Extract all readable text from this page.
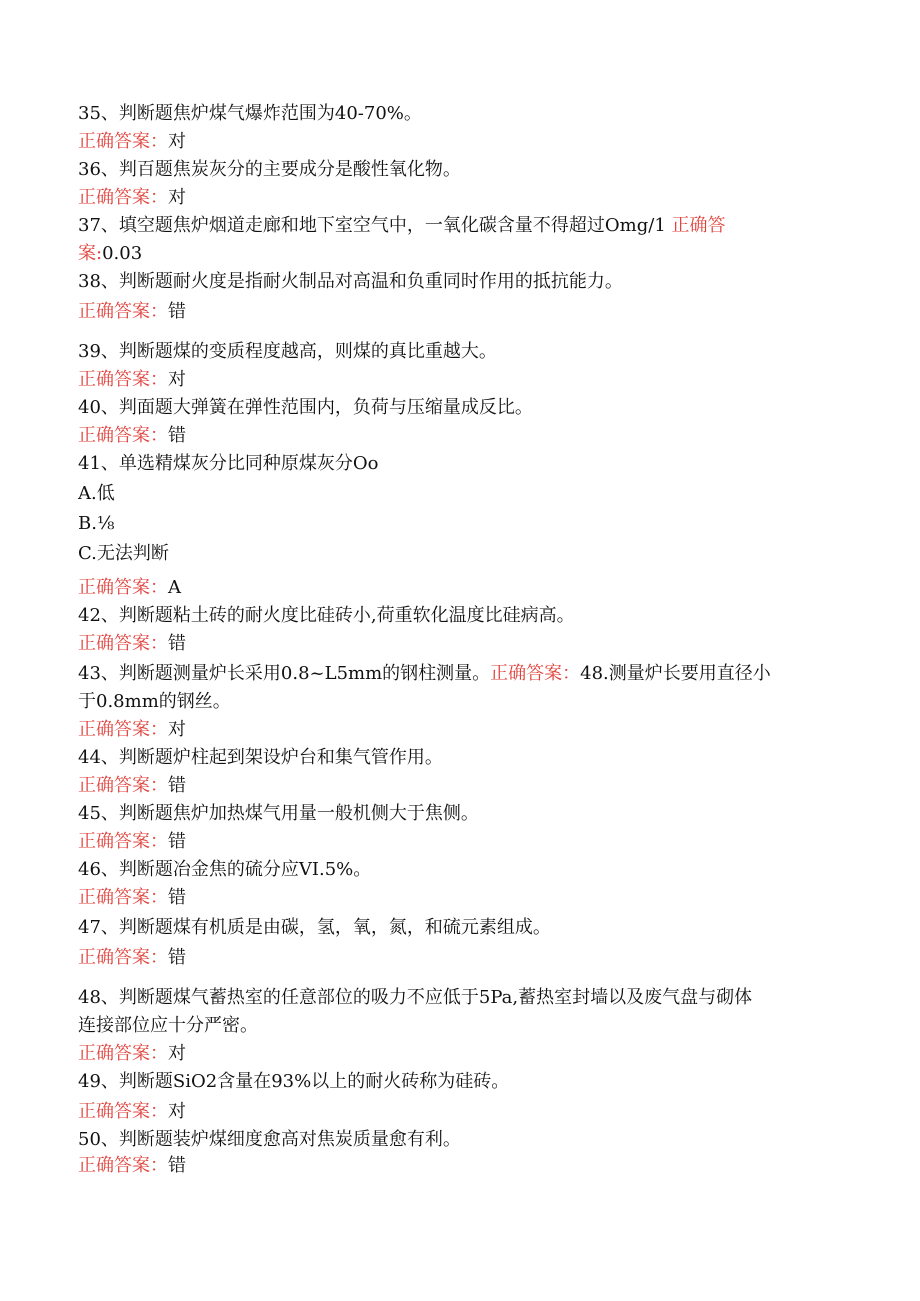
35、判断题焦炉煤气爆炸范围为40-70%。
正确答案：对
36、判百题焦炭灰分的主要成分是酸性氧化物。
正确答案：对
37、填空题焦炉烟道走廊和地下室空气中，一氧化碳含量不得超过Omg/1 正确答
案:0.03
38、判断题耐火度是指耐火制品对高温和负重同时作用的抵抗能力。
正确答案：错
39、判断题煤的变质程度越高，则煤的真比重越大。
正确答案：对
40、判面题大弹簧在弹性范围内，负荷与压缩量成反比。
正确答案：错
41、单选精煤灰分比同种原煤灰分Oo
A.低
B.⅛
C.无法判断
正确答案：A
42、判断题粘土砖的耐火度比硅砖小,荷重软化温度比硅病高。
正确答案：错
43、判断题测量炉长采用0.8~L5mm的钢柱测量。正确答案：48.测量炉长要用直径小
于0.8mm的钢丝。
正确答案：对
44、判断题炉柱起到架设炉台和集气管作用。
正确答案：错
45、判断题焦炉加热煤气用量一般机侧大于焦侧。
正确答案：错
46、判断题冶金焦的硫分应VI.5%。
正确答案：错
47、判断题煤有机质是由碳，氢，氧，氮，和硫元素组成。
正确答案：错
48、判断题煤气蓄热室的任意部位的吸力不应低于5Pa,蓄热室封墙以及废气盘与砌体
连接部位应十分严密。
正确答案：对
49、判断题SiO2含量在93%以上的耐火砖称为硅砖。
正确答案：对
50、判断题装炉煤细度愈高对焦炭质量愈有利。
正确答案：错
